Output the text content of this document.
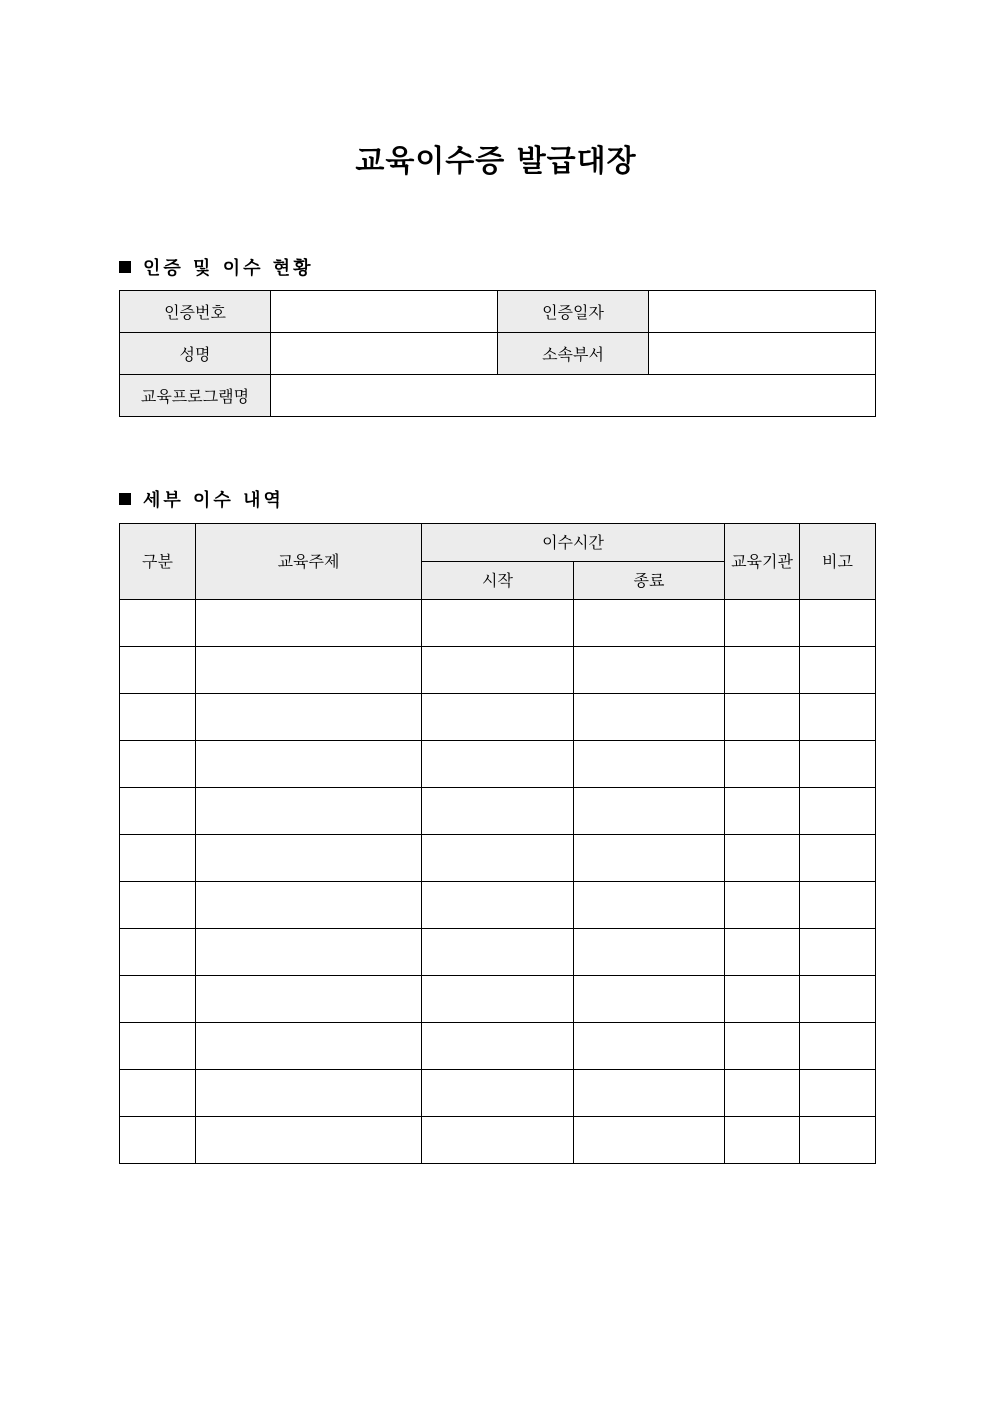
교육이수증 발급대장
인증 및 이수 현황
인증번호		인증일자	
성명		소속부서	
교육프로그램명			
세부 이수 내역
구분	교육주제	이수시간		교육기관	비고
		시작	종료		
